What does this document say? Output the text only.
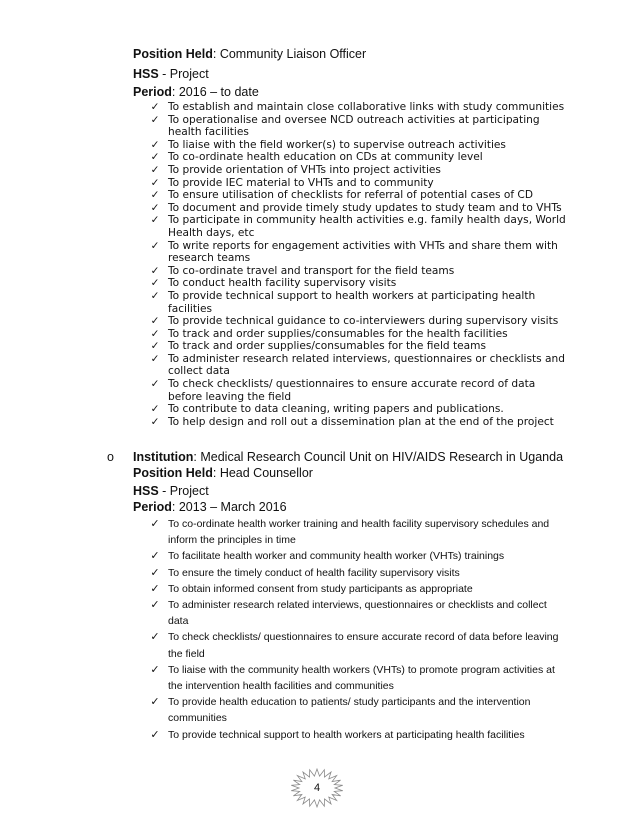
Position Held: Community Liaison Officer
HSS - Project
Period: 2016 – to date
✓ To establish and maintain close collaborative links with study communities
✓ To operationalise and oversee NCD outreach activities at participating health facilities
✓ To liaise with the field worker(s) to supervise outreach activities
✓ To co-ordinate health education on CDs at community level
✓ To provide orientation of VHTs into project activities
✓ To provide IEC material to VHTs and to community
✓ To ensure utilisation of checklists for referral of potential cases of CD
✓ To document and provide timely study updates to study team and to VHTs
✓ To participate in community health activities e.g. family health days, World Health days, etc
✓ To write reports for engagement activities with VHTs and share them with research teams
✓ To co-ordinate travel and transport for the field teams
✓ To conduct health facility supervisory visits
✓ To provide technical support to health workers at participating health facilities
✓ To provide technical guidance to co-interviewers during supervisory visits
✓ To track and order supplies/consumables for the health facilities
✓ To track and order supplies/consumables for the field teams
✓ To administer research related interviews, questionnaires or checklists and collect data
✓ To check checklists/ questionnaires to ensure accurate record of data before leaving the field
✓ To contribute to data cleaning, writing papers and publications.
✓ To help design and roll out a dissemination plan at the end of the project
o Institution: Medical Research Council Unit on HIV/AIDS Research in Uganda
Position Held: Head Counsellor
HSS - Project
Period: 2013 – March 2016
✓ To co-ordinate health worker training and health facility supervisory schedules and inform the principles in time
✓ To facilitate health worker and community health worker (VHTs) trainings
✓ To ensure the timely conduct of health facility supervisory visits
✓ To obtain informed consent from study participants as appropriate
✓ To administer research related interviews, questionnaires or checklists and collect data
✓ To check checklists/ questionnaires to ensure accurate record of data before leaving the field
✓ To liaise with the community health workers (VHTs) to promote program activities at the intervention health facilities and communities
✓ To provide health education to patients/ study participants and the intervention communities
✓ To provide technical support to health workers at participating health facilities
4
